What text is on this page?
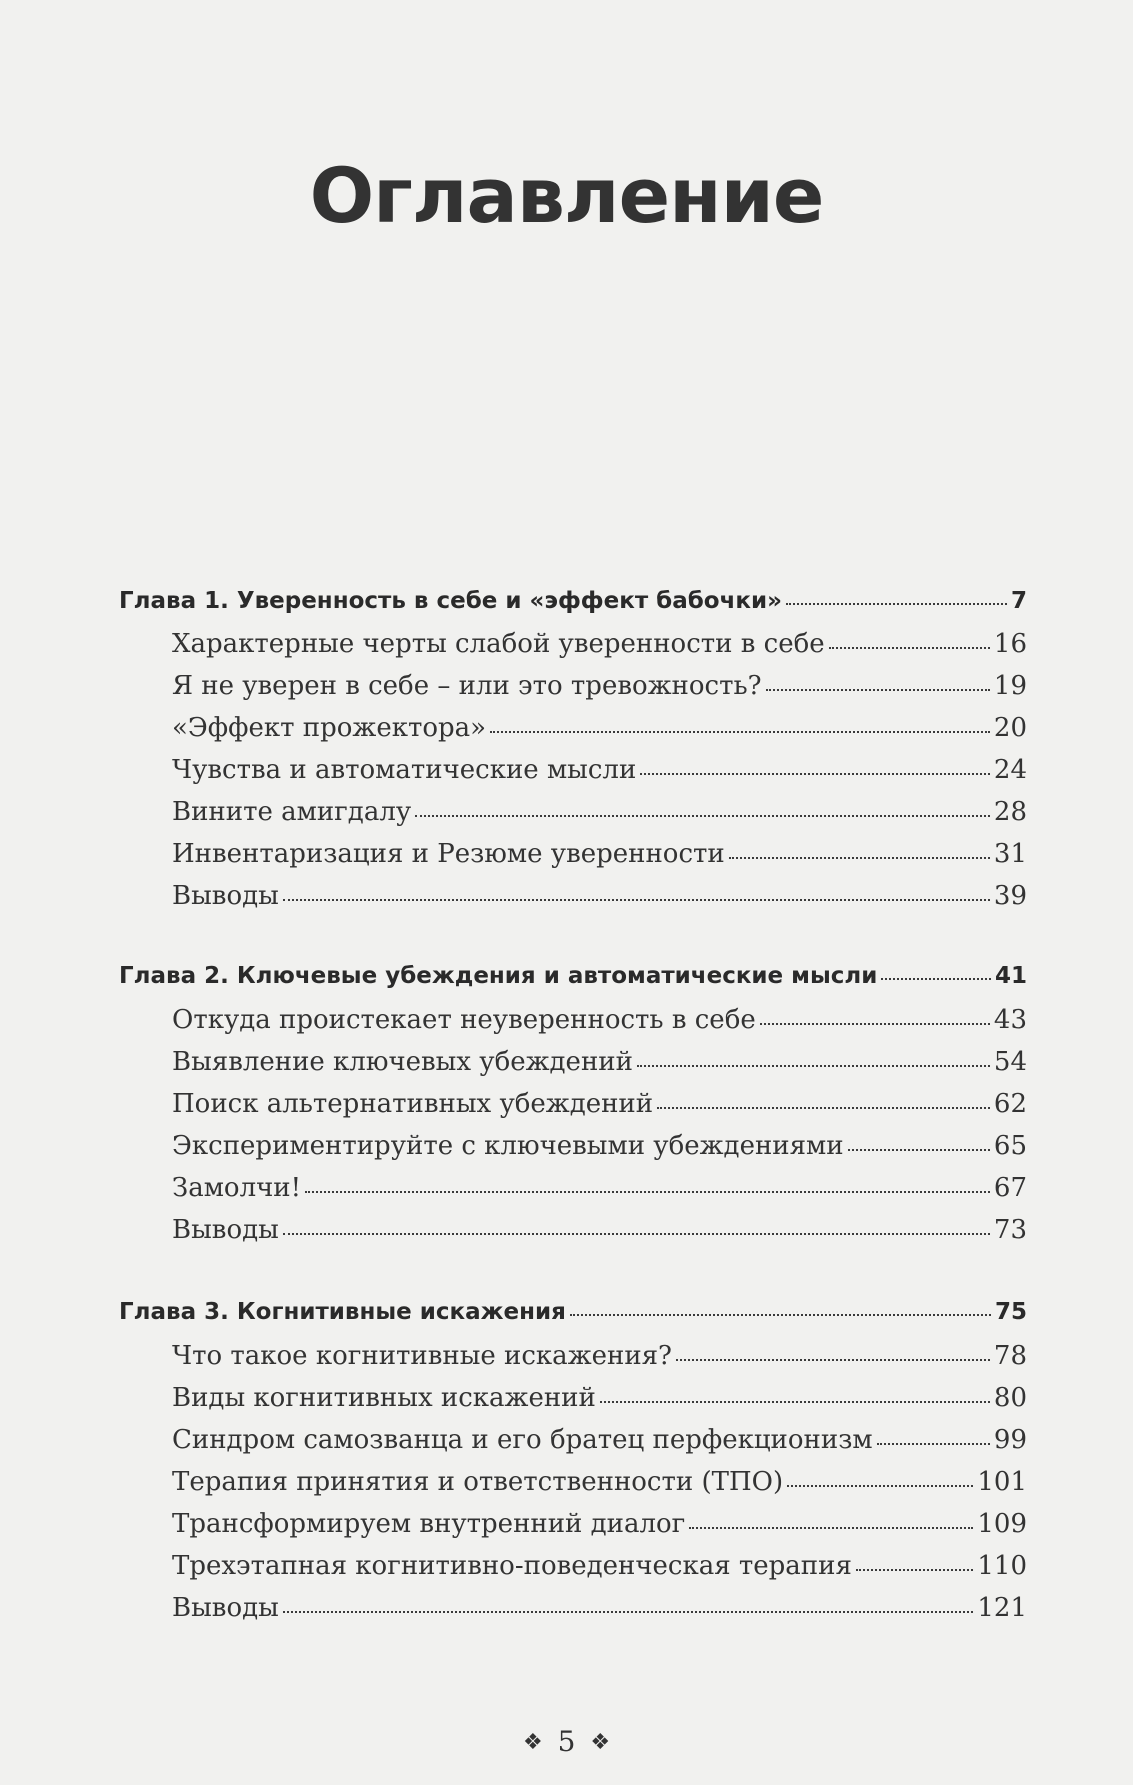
Оглавление
Глава 1. Уверенность в себе и «эффект бабочки»	7
Характерные черты слабой уверенности в себе	16
Я не уверен в себе – или это тревожность?	19
«Эффект прожектора»	20
Чувства и автоматические мысли	24
Вините амигдалу	28
Инвентаризация и Резюме уверенности	31
Выводы	39
Глава 2. Ключевые убеждения и автоматические мысли	41
Откуда проистекает неуверенность в себе	43
Выявление ключевых убеждений	54
Поиск альтернативных убеждений	62
Экспериментируйте с ключевыми убеждениями	65
Замолчи!	67
Выводы	73
Глава 3. Когнитивные искажения	75
Что такое когнитивные искажения?	78
Виды когнитивных искажений	80
Синдром самозванца и его братец перфекционизм	99
Терапия принятия и ответственности (ТПО)	101
Трансформируем внутренний диалог	109
Трехэтапная когнитивно-поведенческая терапия	110
Выводы	121
❖ 5 ❖
